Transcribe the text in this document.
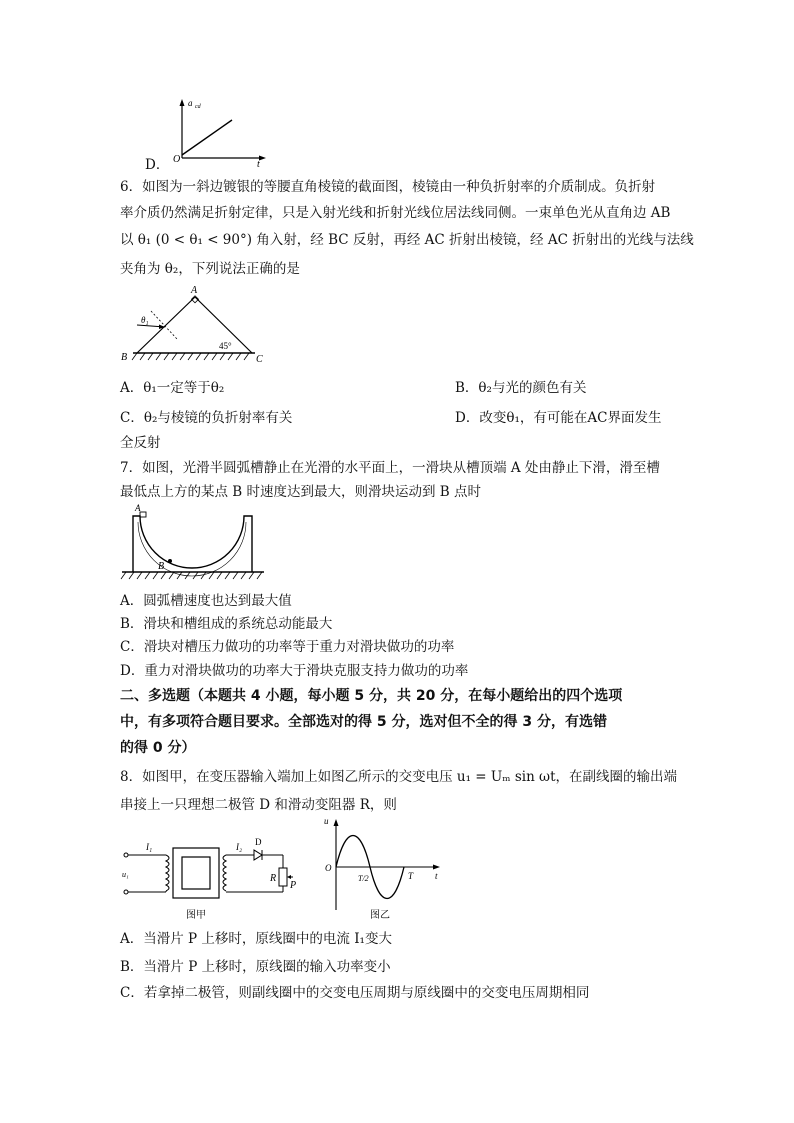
a cd
O	t
D．
6．如图为一斜边镀银的等腰直角棱镜的截面图，棱镜由一种负折射率的介质制成。负折射
率介质仍然满足折射定律，只是入射光线和折射光线位居法线同侧。一束单色光从直角边 AB
以 θ₁ (0 < θ₁ < 90°) 角入射，经 BC 反射，再经 AC 折射出棱镜，经 AC 折射出的光线与法线
夹角为 θ₂，下列说法正确的是
A
B	C
45°
θ₁
A．θ₁一定等于θ₂	B．θ₂与光的颜色有关
C．θ₂与棱镜的负折射率有关	D．改变θ₁，有可能在AC界面发生
全反射
7．如图，光滑半圆弧槽静止在光滑的水平面上，一滑块从槽顶端 A 处由静止下滑，滑至槽
最低点上方的某点 B 时速度达到最大，则滑块运动到 B 点时
A
B
A．圆弧槽速度也达到最大值
B．滑块和槽组成的系统总动能最大
C．滑块对槽压力做功的功率等于重力对滑块做功的功率
D．重力对滑块做功的功率大于滑块克服支持力做功的功率
二、多选题（本题共 4 小题，每小题 5 分，共 20 分，在每小题给出的四个选项
中，有多项符合题目要求。全部选对的得 5 分，选对但不全的得 3 分，有选错
的得 0 分）
8．如图甲，在变压器输入端加上如图乙所示的交变电压 u₁ = Uₘ sin ωt，在副线圈的输出端
串接上一只理想二极管 D 和滑动变阻器 R，则
I₁	I₂ D
R
P
u₁
图甲
u
O
T/2	T t
图乙
A．当滑片 P 上移时，原线圈中的电流 I₁变大
B．当滑片 P 上移时，原线圈的输入功率变小
C．若拿掉二极管，则副线圈中的交变电压周期与原线圈中的交变电压周期相同
